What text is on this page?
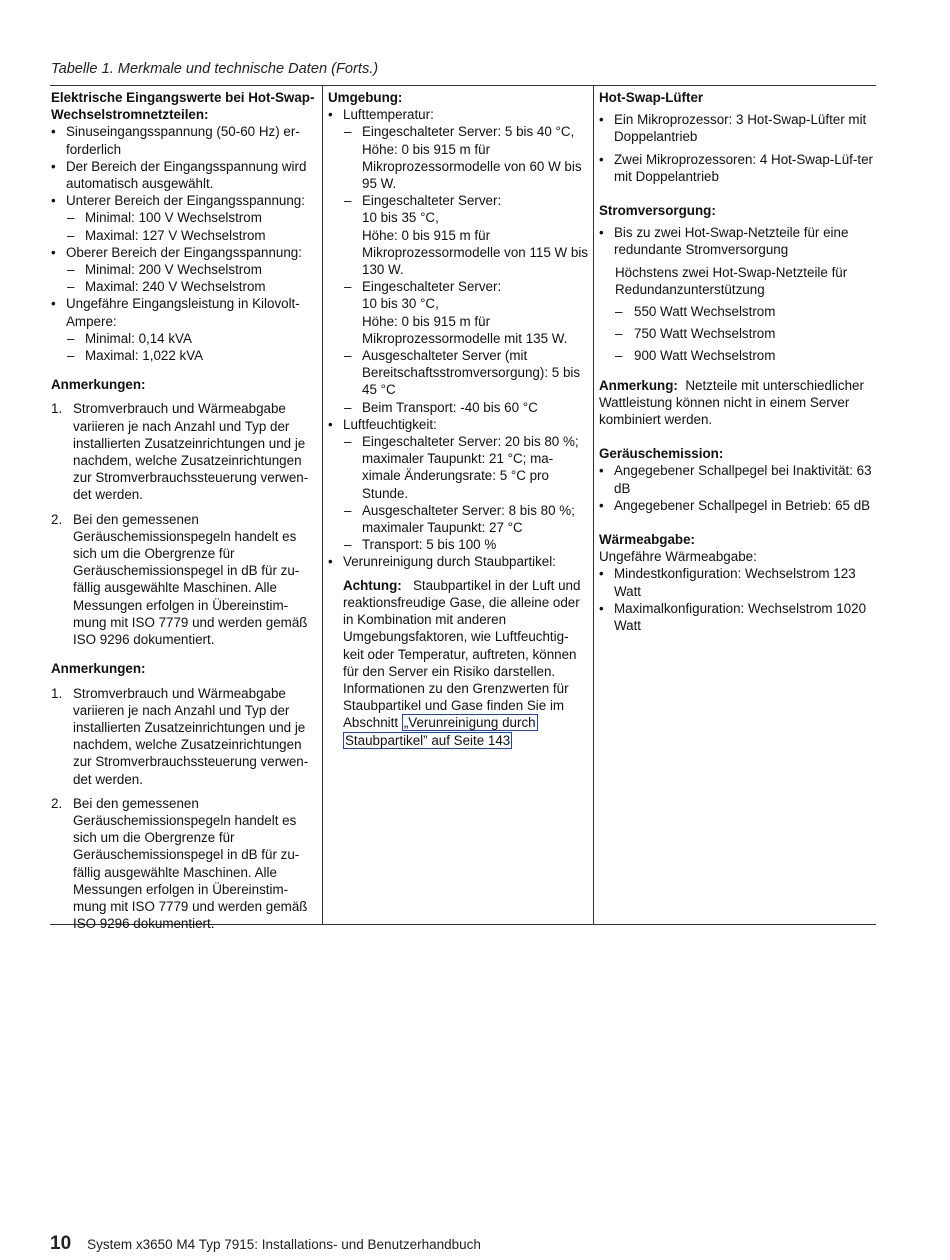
Tabelle 1. Merkmale und technische Daten (Forts.)
Elektrische Eingangswerte bei Hot-Swap-Wechselstromnetzteilen:
• Sinuseingangsspannung (50-60 Hz) er-forderlich
• Der Bereich der Eingangsspannung wird automatisch ausgewählt.
• Unterer Bereich der Eingangsspannung:
– Minimal: 100 V Wechselstrom
– Maximal: 127 V Wechselstrom
• Oberer Bereich der Eingangsspannung:
– Minimal: 200 V Wechselstrom
– Maximal: 240 V Wechselstrom
• Ungefähre Eingangsleistung in Kilovolt-Ampere:
– Minimal: 0,14 kVA
– Maximal: 1,022 kVA
Anmerkungen:
1. Stromverbrauch und Wärmeabgabe variieren je nach Anzahl und Typ der installierten Zusatzeinrichtungen und je nachdem, welche Zusatzeinrichtungen zur Stromverbrauchssteuerung verwen-det werden.
2. Bei den gemessenen Geräuschemissionspegeln handelt es sich um die Obergrenze für Geräuschemissionspegel in dB für zu-fällig ausgewählte Maschinen. Alle Messungen erfolgen in Übereinstim-mung mit ISO 7779 und werden gemäß ISO 9296 dokumentiert.
Anmerkungen:
1. Stromverbrauch und Wärmeabgabe variieren je nach Anzahl und Typ der installierten Zusatzeinrichtungen und je nachdem, welche Zusatzeinrichtungen zur Stromverbrauchssteuerung verwen-det werden.
2. Bei den gemessenen Geräuschemissionspegeln handelt es sich um die Obergrenze für Geräuschemissionspegel in dB für zu-fällig ausgewählte Maschinen. Alle Messungen erfolgen in Übereinstim-mung mit ISO 7779 und werden gemäß ISO 9296 dokumentiert.
Umgebung:
• Lufttemperatur:
– Eingeschalteter Server: 5 bis 40 °C, Höhe: 0 bis 915 m für Mikroprozessormodelle von 60 W bis 95 W.
– Eingeschalteter Server:
10 bis 35 °C,
Höhe: 0 bis 915 m für Mikroprozessormodelle von 115 W bis 130 W.
– Eingeschalteter Server:
10 bis 30 °C,
Höhe: 0 bis 915 m für Mikroprozessormodelle mit 135 W.
– Ausgeschalteter Server (mit Bereitschaftsstromversorgung): 5 bis 45 °C
– Beim Transport: -40 bis 60 °C
• Luftfeuchtigkeit:
– Eingeschalteter Server: 20 bis 80 %; maximaler Taupunkt: 21 °C; ma-ximale Änderungsrate: 5 °C pro Stunde.
– Ausgeschalteter Server: 8 bis 80 %; maximaler Taupunkt: 27 °C
– Transport: 5 bis 100 %
• Verunreinigung durch Staubpartikel:
Achtung: Staubpartikel in der Luft und reaktionsfreudige Gase, die alleine oder in Kombination mit anderen Umgebungsfaktoren, wie Luftfeuchtig-keit oder Temperatur, auftreten, können für den Server ein Risiko darstellen. Informationen zu den Grenzwerten für Staubpartikel und Gase finden Sie im Abschnitt „Verunreinigung durch
Staubpartikel” auf Seite 143
Hot-Swap-Lüfter
• Ein Mikroprozessor: 3 Hot-Swap-Lüfter mit Doppelantrieb
• Zwei Mikroprozessoren: 4 Hot-Swap-Lüf-ter mit Doppelantrieb
Stromversorgung:
• Bis zu zwei Hot-Swap-Netzteile für eine redundante Stromversorgung
Höchstens zwei Hot-Swap-Netzteile für Redundanzunterstützung
– 550 Watt Wechselstrom
– 750 Watt Wechselstrom
– 900 Watt Wechselstrom
Anmerkung: Netzteile mit unterschiedlicher Wattleistung können nicht in einem Server kombiniert werden.
Geräuschemission:
• Angegebener Schallpegel bei Inaktivität: 63 dB
• Angegebener Schallpegel in Betrieb: 65 dB
Wärmeabgabe:
Ungefähre Wärmeabgabe:
• Mindestkonfiguration: Wechselstrom 123 Watt
• Maximalkonfiguration: Wechselstrom 1020 Watt
10 System x3650 M4 Typ 7915: Installations- und Benutzerhandbuch
